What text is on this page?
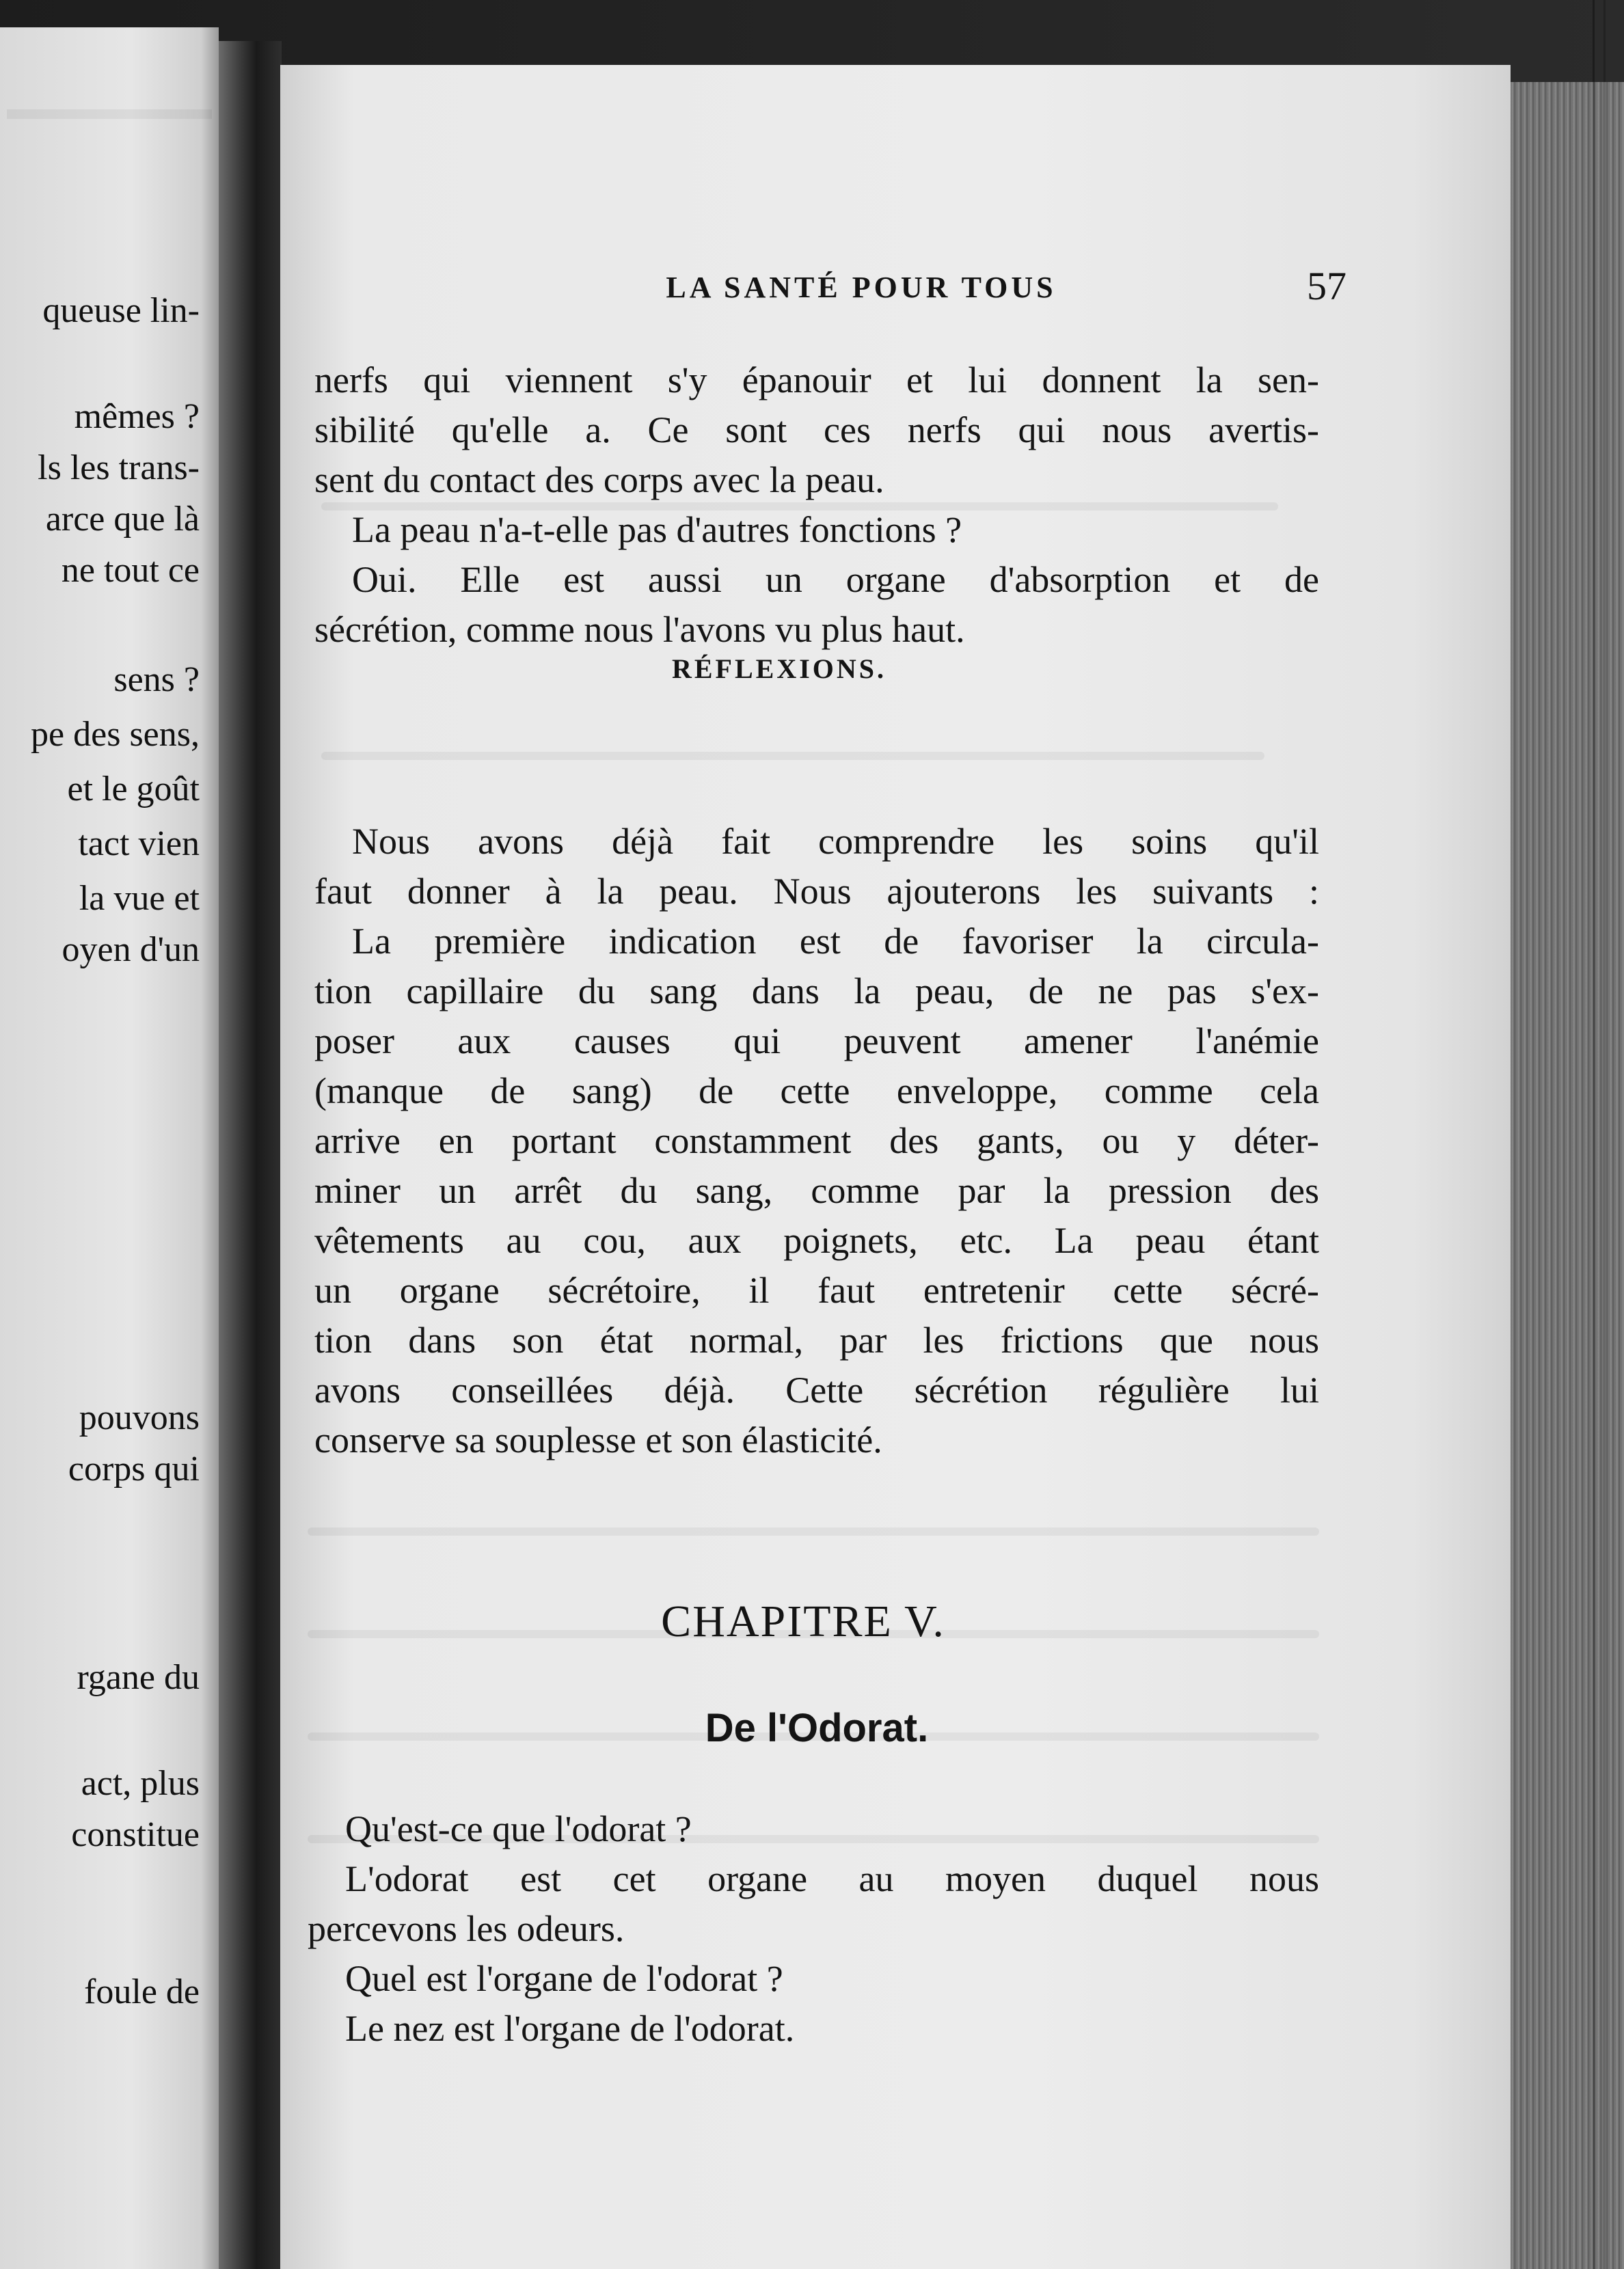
queuse lin-
mêmes ?
ls les trans-
arce que là
ne tout ce
sens ?
pe des sens,
et le goût
tact vien
la vue et
oyen d'un
pouvons
corps qui
rgane du
act, plus
constitue
foule de
LA SANTÉ POUR TOUS	57
nerfs qui viennent s'y épanouir et lui donnent la sen-
sibilité qu'elle a. Ce sont ces nerfs qui nous avertis-
sent du contact des corps avec la peau.
La peau n'a-t-elle pas d'autres fonctions ?
Oui. Elle est aussi un organe d'absorption et de
sécrétion, comme nous l'avons vu plus haut.
RÉFLEXIONS.
Nous avons déjà fait comprendre les soins qu'il
faut donner à la peau. Nous ajouterons les suivants :
La première indication est de favoriser la circula-
tion capillaire du sang dans la peau, de ne pas s'ex-
poser aux causes qui peuvent amener l'anémie
(manque de sang) de cette enveloppe, comme cela
arrive en portant constamment des gants, ou y déter-
miner un arrêt du sang, comme par la pression des
vêtements au cou, aux poignets, etc. La peau étant
un organe sécrétoire, il faut entretenir cette sécré-
tion dans son état normal, par les frictions que nous
avons conseillées déjà. Cette sécrétion régulière lui
conserve sa souplesse et son élasticité.
CHAPITRE V.
De l'Odorat.
Qu'est-ce que l'odorat ?
L'odorat est cet organe au moyen duquel nous
percevons les odeurs.
Quel est l'organe de l'odorat ?
Le nez est l'organe de l'odorat.
